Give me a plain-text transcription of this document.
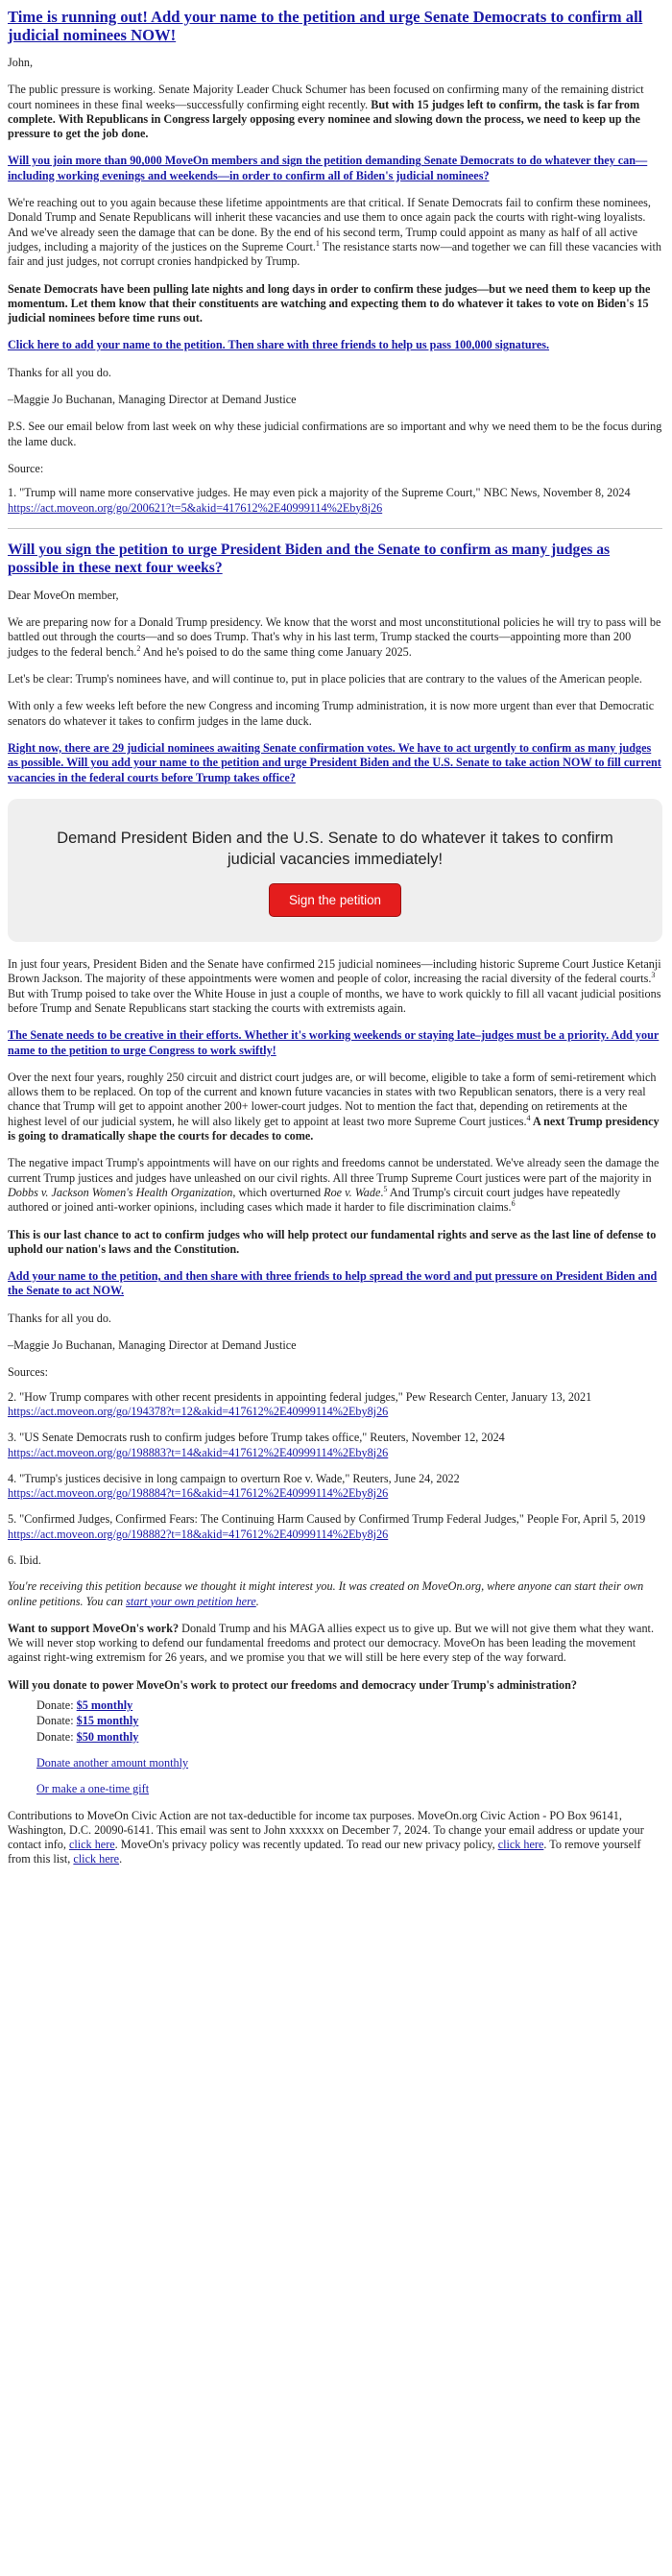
Time is running out! Add your name to the petition and urge Senate Democrats to confirm all judicial nominees NOW!

John,

The public pressure is working. Senate Majority Leader Chuck Schumer has been focused on confirming many of the remaining district court nominees in these final weeks—successfully confirming eight recently. But with 15 judges left to confirm, the task is far from complete. With Republicans in Congress largely opposing every nominee and slowing down the process, we need to keep up the pressure to get the job done.

Will you join more than 90,000 MoveOn members and sign the petition demanding Senate Democrats to do whatever they can—including working evenings and weekends—in order to confirm all of Biden's judicial nominees?

We're reaching out to you again because these lifetime appointments are that critical. If Senate Democrats fail to confirm these nominees, Donald Trump and Senate Republicans will inherit these vacancies and use them to once again pack the courts with right-wing loyalists. And we've already seen the damage that can be done. By the end of his second term, Trump could appoint as many as half of all active judges, including a majority of the justices on the Supreme Court.$^1$ The resistance starts now—and together we can fill these vacancies with fair and just judges, not corrupt cronies handpicked by Trump.

Senate Democrats have been pulling late nights and long days in order to confirm these judges—but we need them to keep up the momentum. Let them know that their constituents are watching and expecting them to do whatever it takes to vote on Biden's 15 judicial nominees before time runs out.

Click here to add your name to the petition. Then share with three friends to help us pass 100,000 signatures.

Thanks for all you do.

–Maggie Jo Buchanan, Managing Director at Demand Justice

P.S. See our email below from last week on why these judicial confirmations are so important and why we need them to be the focus during the lame duck.

Source:

1. "Trump will name more conservative judges. He may even pick a majority of the Supreme Court," NBC News, November 8, 2024
https://act.moveon.org/go/200621?t=5&akid=417612%2E40999114%2Eby8j26

Will you sign the petition to urge President Biden and the Senate to confirm as many judges as possible in these next four weeks?

Dear MoveOn member,

We are preparing now for a Donald Trump presidency. We know that the worst and most unconstitutional policies he will try to pass will be battled out through the courts—and so does Trump. That's why in his last term, Trump stacked the courts—appointing more than 200 judges to the federal bench.$^2$ And he's poised to do the same thing come January 2025.

Let's be clear: Trump's nominees have, and will continue to, put in place policies that are contrary to the values of the American people.

With only a few weeks left before the new Congress and incoming Trump administration, it is now more urgent than ever that Democratic senators do whatever it takes to confirm judges in the lame duck.

Right now, there are 29 judicial nominees awaiting Senate confirmation votes. We have to act urgently to confirm as many judges as possible. Will you add your name to the petition and urge President Biden and the U.S. Senate to take action NOW to fill current vacancies in the federal courts before Trump takes office?
Demand President Biden and the U.S. Senate to do whatever it takes to confirm judicial vacancies immediately!
Sign the petition

In just four years, President Biden and the Senate have confirmed 215 judicial nominees—including historic Supreme Court Justice Ketanji Brown Jackson. The majority of these appointments were women and people of color, increasing the racial diversity of the federal courts.$^3$ But with Trump poised to take over the White House in just a couple of months, we have to work quickly to fill all vacant judicial positions before Trump and Senate Republicans start stacking the courts with extremists again.

The Senate needs to be creative in their efforts. Whether it's working weekends or staying late–judges must be a priority. Add your name to the petition to urge Congress to work swiftly!

Over the next four years, roughly 250 circuit and district court judges are, or will become, eligible to take a form of semi-retirement which allows them to be replaced. On top of the current and known future vacancies in states with two Republican senators, there is a very real chance that Trump will get to appoint another 200+ lower-court judges. Not to mention the fact that, depending on retirements at the highest level of our judicial system, he will also likely get to appoint at least two more Supreme Court justices.$^4$ A next Trump presidency is going to dramatically shape the courts for decades to come.

The negative impact Trump's appointments will have on our rights and freedoms cannot be understated. We've already seen the damage the current Trump justices and judges have unleashed on our civil rights. All three Trump Supreme Court justices were part of the majority in Dobbs v. Jackson Women's Health Organization, which overturned Roe v. Wade.$^5$ And Trump's circuit court judges have repeatedly authored or joined anti-worker opinions, including cases which made it harder to file discrimination claims.$^6$

This is our last chance to act to confirm judges who will help protect our fundamental rights and serve as the last line of defense to uphold our nation's laws and the Constitution.

Add your name to the petition, and then share with three friends to help spread the word and put pressure on President Biden and the Senate to act NOW.

Thanks for all you do.

–Maggie Jo Buchanan, Managing Director at Demand Justice

Sources:

2. "How Trump compares with other recent presidents in appointing federal judges," Pew Research Center, January 13, 2021
https://act.moveon.org/go/194378?t=12&akid=417612%2E40999114%2Eby8j26

3. "US Senate Democrats rush to confirm judges before Trump takes office," Reuters, November 12, 2024
https://act.moveon.org/go/198883?t=14&akid=417612%2E40999114%2Eby8j26

4. "Trump's justices decisive in long campaign to overturn Roe v. Wade," Reuters, June 24, 2022
https://act.moveon.org/go/198884?t=16&akid=417612%2E40999114%2Eby8j26

5. "Confirmed Judges, Confirmed Fears: The Continuing Harm Caused by Confirmed Trump Federal Judges," People For, April 5, 2019
https://act.moveon.org/go/198882?t=18&akid=417612%2E40999114%2Eby8j26

6. Ibid.

You're receiving this petition because we thought it might interest you. It was created on MoveOn.org, where anyone can start their own online petitions. You can start your own petition here.

Want to support MoveOn's work? Donald Trump and his MAGA allies expect us to give up. But we will not give them what they want. We will never stop working to defend our fundamental freedoms and protect our democracy. MoveOn has been leading the movement against right-wing extremism for 26 years, and we promise you that we will still be here every step of the way forward.

Will you donate to power MoveOn's work to protect our freedoms and democracy under Trump's administration?

Donate: $5 monthly
Donate: $15 monthly
Donate: $50 monthly
Donate another amount monthly
Or make a one-time gift

Contributions to MoveOn Civic Action are not tax-deductible for income tax purposes. MoveOn.org Civic Action - PO Box 96141, Washington, D.C. 20090-6141. This email was sent to John xxxxxx on December 7, 2024. To change your email address or update your contact info, click here. MoveOn's privacy policy was recently updated. To read our new privacy policy, click here. To remove yourself from this list, click here.
